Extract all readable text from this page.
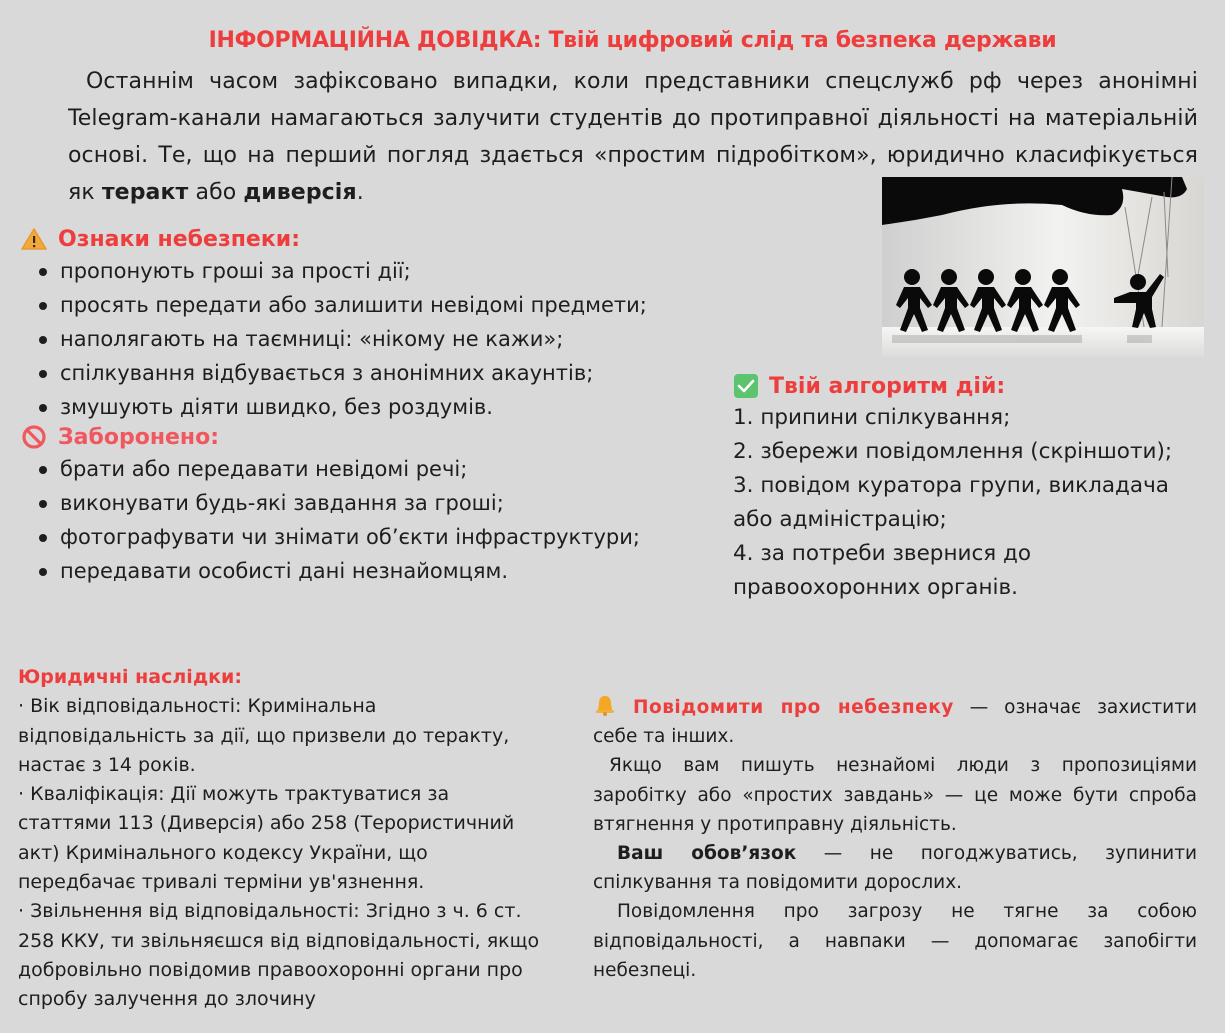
ІНФОРМАЦІЙНА ДОВІДКА: Твій цифровий слід та безпека держави
Останнім часом зафіксовано випадки, коли представники спецслужб рф через анонімні Telegram-канали намагаються залучити студентів до протиправної діяльності на матеріальній основі. Те, що на перший погляд здається «простим підробітком», юридично класифікується як теракт або диверсія.
Ознаки небезпеки:
пропонують гроші за прості дії;
просять передати або залишити невідомі предмети;
наполягають на таємниці: «нікому не кажи»;
спілкування відбувається з анонімних акаунтів;
змушують діяти швидко, без роздумів.
Заборонено:
брати або передавати невідомі речі;
виконувати будь-які завдання за гроші;
фотографувати чи знімати об’єкти інфраструктури;
передавати особисті дані незнайомцям.
Твій алгоритм дій:
1. припини спілкування;
2. збережи повідомлення (скріншоти);
3. повідом куратора групи, викладача або адміністрацію;
4. за потреби звернися до правоохоронних органів.
Юридичні наслідки:
· Вік відповідальності: Кримінальна відповідальність за дії, що призвели до теракту, настає з 14 років.
· Кваліфікація: Дії можуть трактуватися за статтями 113 (Диверсія) або 258 (Терористичний акт) Кримінального кодексу України, що передбачає тривалі терміни ув'язнення.
· Звільнення від відповідальності: Згідно з ч. 6 ст. 258 ККУ, ти звільняєшся від відповідальності, якщо добровільно повідомив правоохоронні органи про спробу залучення до злочину

Повідомити про небезпеку — означає захистити себе та інших.

Якщо вам пишуть незнайомі люди з пропозиціями заробітку або «простих завдань» — це може бути спроба втягнення у протиправну діяльність.

Ваш обов’язок — не погоджуватись, зупинити спілкування та повідомити дорослих.

Повідомлення про загрозу не тягне за собою відповідальності, а навпаки — допомагає запобігти небезпеці.
